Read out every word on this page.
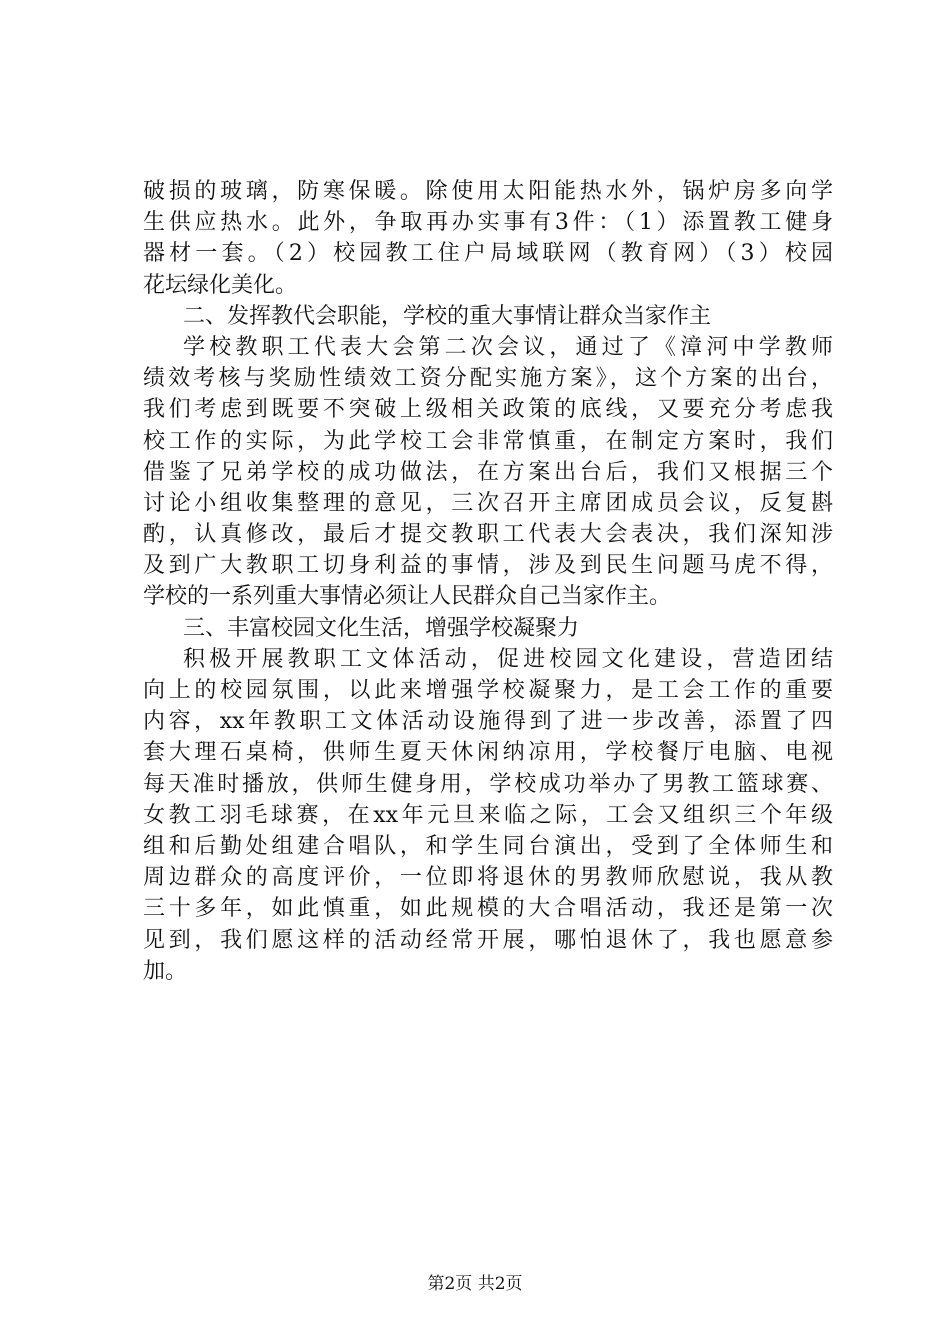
破损的玻璃，防寒保暖。除使用太阳能热水外，锅炉房多向学
生供应热水。此外，争取再办实事有3件：（1）添置教工健身
器材一套。（2）校园教工住户局域联网（教育网）（3）校园
花坛绿化美化。
二、发挥教代会职能，学校的重大事情让群众当家作主
学校教职工代表大会第二次会议，通过了《漳河中学教师
绩效考核与奖励性绩效工资分配实施方案》，这个方案的出台，
我们考虑到既要不突破上级相关政策的底线，又要充分考虑我
校工作的实际，为此学校工会非常慎重，在制定方案时，我们
借鉴了兄弟学校的成功做法，在方案出台后，我们又根据三个
讨论小组收集整理的意见，三次召开主席团成员会议，反复斟
酌，认真修改，最后才提交教职工代表大会表决，我们深知涉
及到广大教职工切身利益的事情，涉及到民生问题马虎不得，
学校的一系列重大事情必须让人民群众自己当家作主。
三、丰富校园文化生活，增强学校凝聚力
积极开展教职工文体活动，促进校园文化建设，营造团结
向上的校园氛围，以此来增强学校凝聚力，是工会工作的重要
内容，xx年教职工文体活动设施得到了进一步改善，添置了四
套大理石桌椅，供师生夏天休闲纳凉用，学校餐厅电脑、电视
每天准时播放，供师生健身用，学校成功举办了男教工篮球赛、
女教工羽毛球赛，在xx年元旦来临之际，工会又组织三个年级
组和后勤处组建合唱队，和学生同台演出，受到了全体师生和
周边群众的高度评价，一位即将退休的男教师欣慰说，我从教
三十多年，如此慎重，如此规模的大合唱活动，我还是第一次
见到，我们愿这样的活动经常开展，哪怕退休了，我也愿意参
加。
第2页 共2页
